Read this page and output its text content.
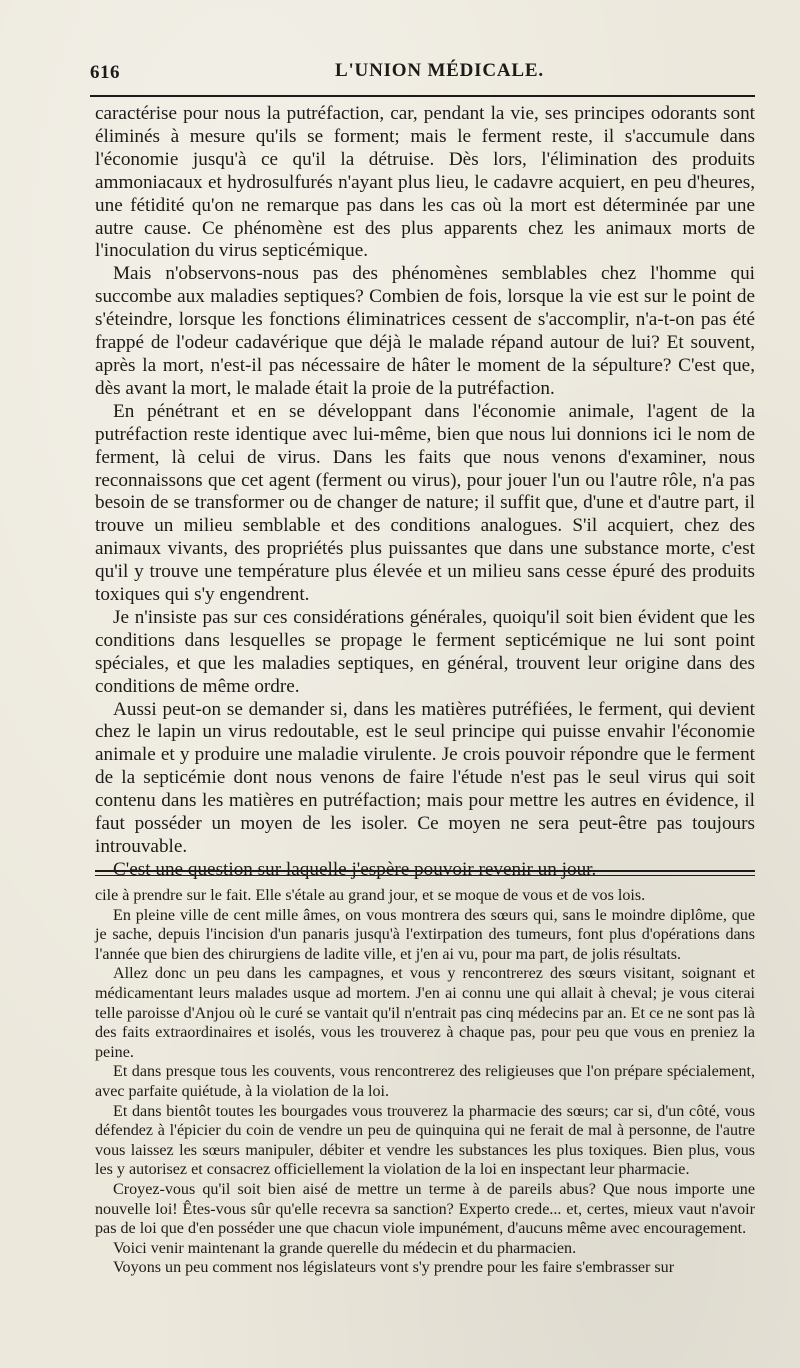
616	L'UNION MÉDICALE.

caractérise pour nous la putréfaction, car, pendant la vie, ses principes odorants sont éliminés à mesure qu'ils se forment; mais le ferment reste, il s'accumule dans l'économie jusqu'à ce qu'il la détruise. Dès lors, l'élimination des produits ammoniacaux et hydrosulfurés n'ayant plus lieu, le cadavre acquiert, en peu d'heures, une fétidité qu'on ne remarque pas dans les cas où la mort est déterminée par une autre cause. Ce phénomène est des plus apparents chez les animaux morts de l'inoculation du virus septicémique.

Mais n'observons-nous pas des phénomènes semblables chez l'homme qui succombe aux maladies septiques? Combien de fois, lorsque la vie est sur le point de s'éteindre, lorsque les fonctions éliminatrices cessent de s'accomplir, n'a-t-on pas été frappé de l'odeur cadavérique que déjà le malade répand autour de lui? Et souvent, après la mort, n'est-il pas nécessaire de hâter le moment de la sépulture? C'est que, dès avant la mort, le malade était la proie de la putréfaction.

En pénétrant et en se développant dans l'économie animale, l'agent de la putréfaction reste identique avec lui-même, bien que nous lui donnions ici le nom de ferment, là celui de virus. Dans les faits que nous venons d'examiner, nous reconnaissons que cet agent (ferment ou virus), pour jouer l'un ou l'autre rôle, n'a pas besoin de se transformer ou de changer de nature; il suffit que, d'une et d'autre part, il trouve un milieu semblable et des conditions analogues. S'il acquiert, chez des animaux vivants, des propriétés plus puissantes que dans une substance morte, c'est qu'il y trouve une température plus élevée et un milieu sans cesse épuré des produits toxiques qui s'y engendrent.

Je n'insiste pas sur ces considérations générales, quoiqu'il soit bien évident que les conditions dans lesquelles se propage le ferment septicémique ne lui sont point spéciales, et que les maladies septiques, en général, trouvent leur origine dans des conditions de même ordre.

Aussi peut-on se demander si, dans les matières putréfiées, le ferment, qui devient chez le lapin un virus redoutable, est le seul principe qui puisse envahir l'économie animale et y produire une maladie virulente. Je crois pouvoir répondre que le ferment de la septicémie dont nous venons de faire l'étude n'est pas le seul virus qui soit contenu dans les matières en putréfaction; mais pour mettre les autres en évidence, il faut posséder un moyen de les isoler. Ce moyen ne sera peut-être pas toujours introuvable.

C'est une question sur laquelle j'espère pouvoir revenir un jour.

cile à prendre sur le fait. Elle s'étale au grand jour, et se moque de vous et de vos lois.

En pleine ville de cent mille âmes, on vous montrera des sœurs qui, sans le moindre diplôme, que je sache, depuis l'incision d'un panaris jusqu'à l'extirpation des tumeurs, font plus d'opérations dans l'année que bien des chirurgiens de ladite ville, et j'en ai vu, pour ma part, de jolis résultats.

Allez donc un peu dans les campagnes, et vous y rencontrerez des sœurs visitant, soignant et médicamentant leurs malades usque ad mortem. J'en ai connu une qui allait à cheval; je vous citerai telle paroisse d'Anjou où le curé se vantait qu'il n'entrait pas cinq médecins par an. Et ce ne sont pas là des faits extraordinaires et isolés, vous les trouverez à chaque pas, pour peu que vous en preniez la peine.

Et dans presque tous les couvents, vous rencontrerez des religieuses que l'on prépare spécialement, avec parfaite quiétude, à la violation de la loi.

Et dans bientôt toutes les bourgades vous trouverez la pharmacie des sœurs; car si, d'un côté, vous défendez à l'épicier du coin de vendre un peu de quinquina qui ne ferait de mal à personne, de l'autre vous laissez les sœurs manipuler, débiter et vendre les substances les plus toxiques. Bien plus, vous les y autorisez et consacrez officiellement la violation de la loi en inspectant leur pharmacie.

Croyez-vous qu'il soit bien aisé de mettre un terme à de pareils abus? Que nous importe une nouvelle loi! Êtes-vous sûr qu'elle recevra sa sanction? Experto crede... et, certes, mieux vaut n'avoir pas de loi que d'en posséder une que chacun viole impunément, d'aucuns même avec encouragement.

Voici venir maintenant la grande querelle du médecin et du pharmacien.

Voyons un peu comment nos législateurs vont s'y prendre pour les faire s'embrasser sur
